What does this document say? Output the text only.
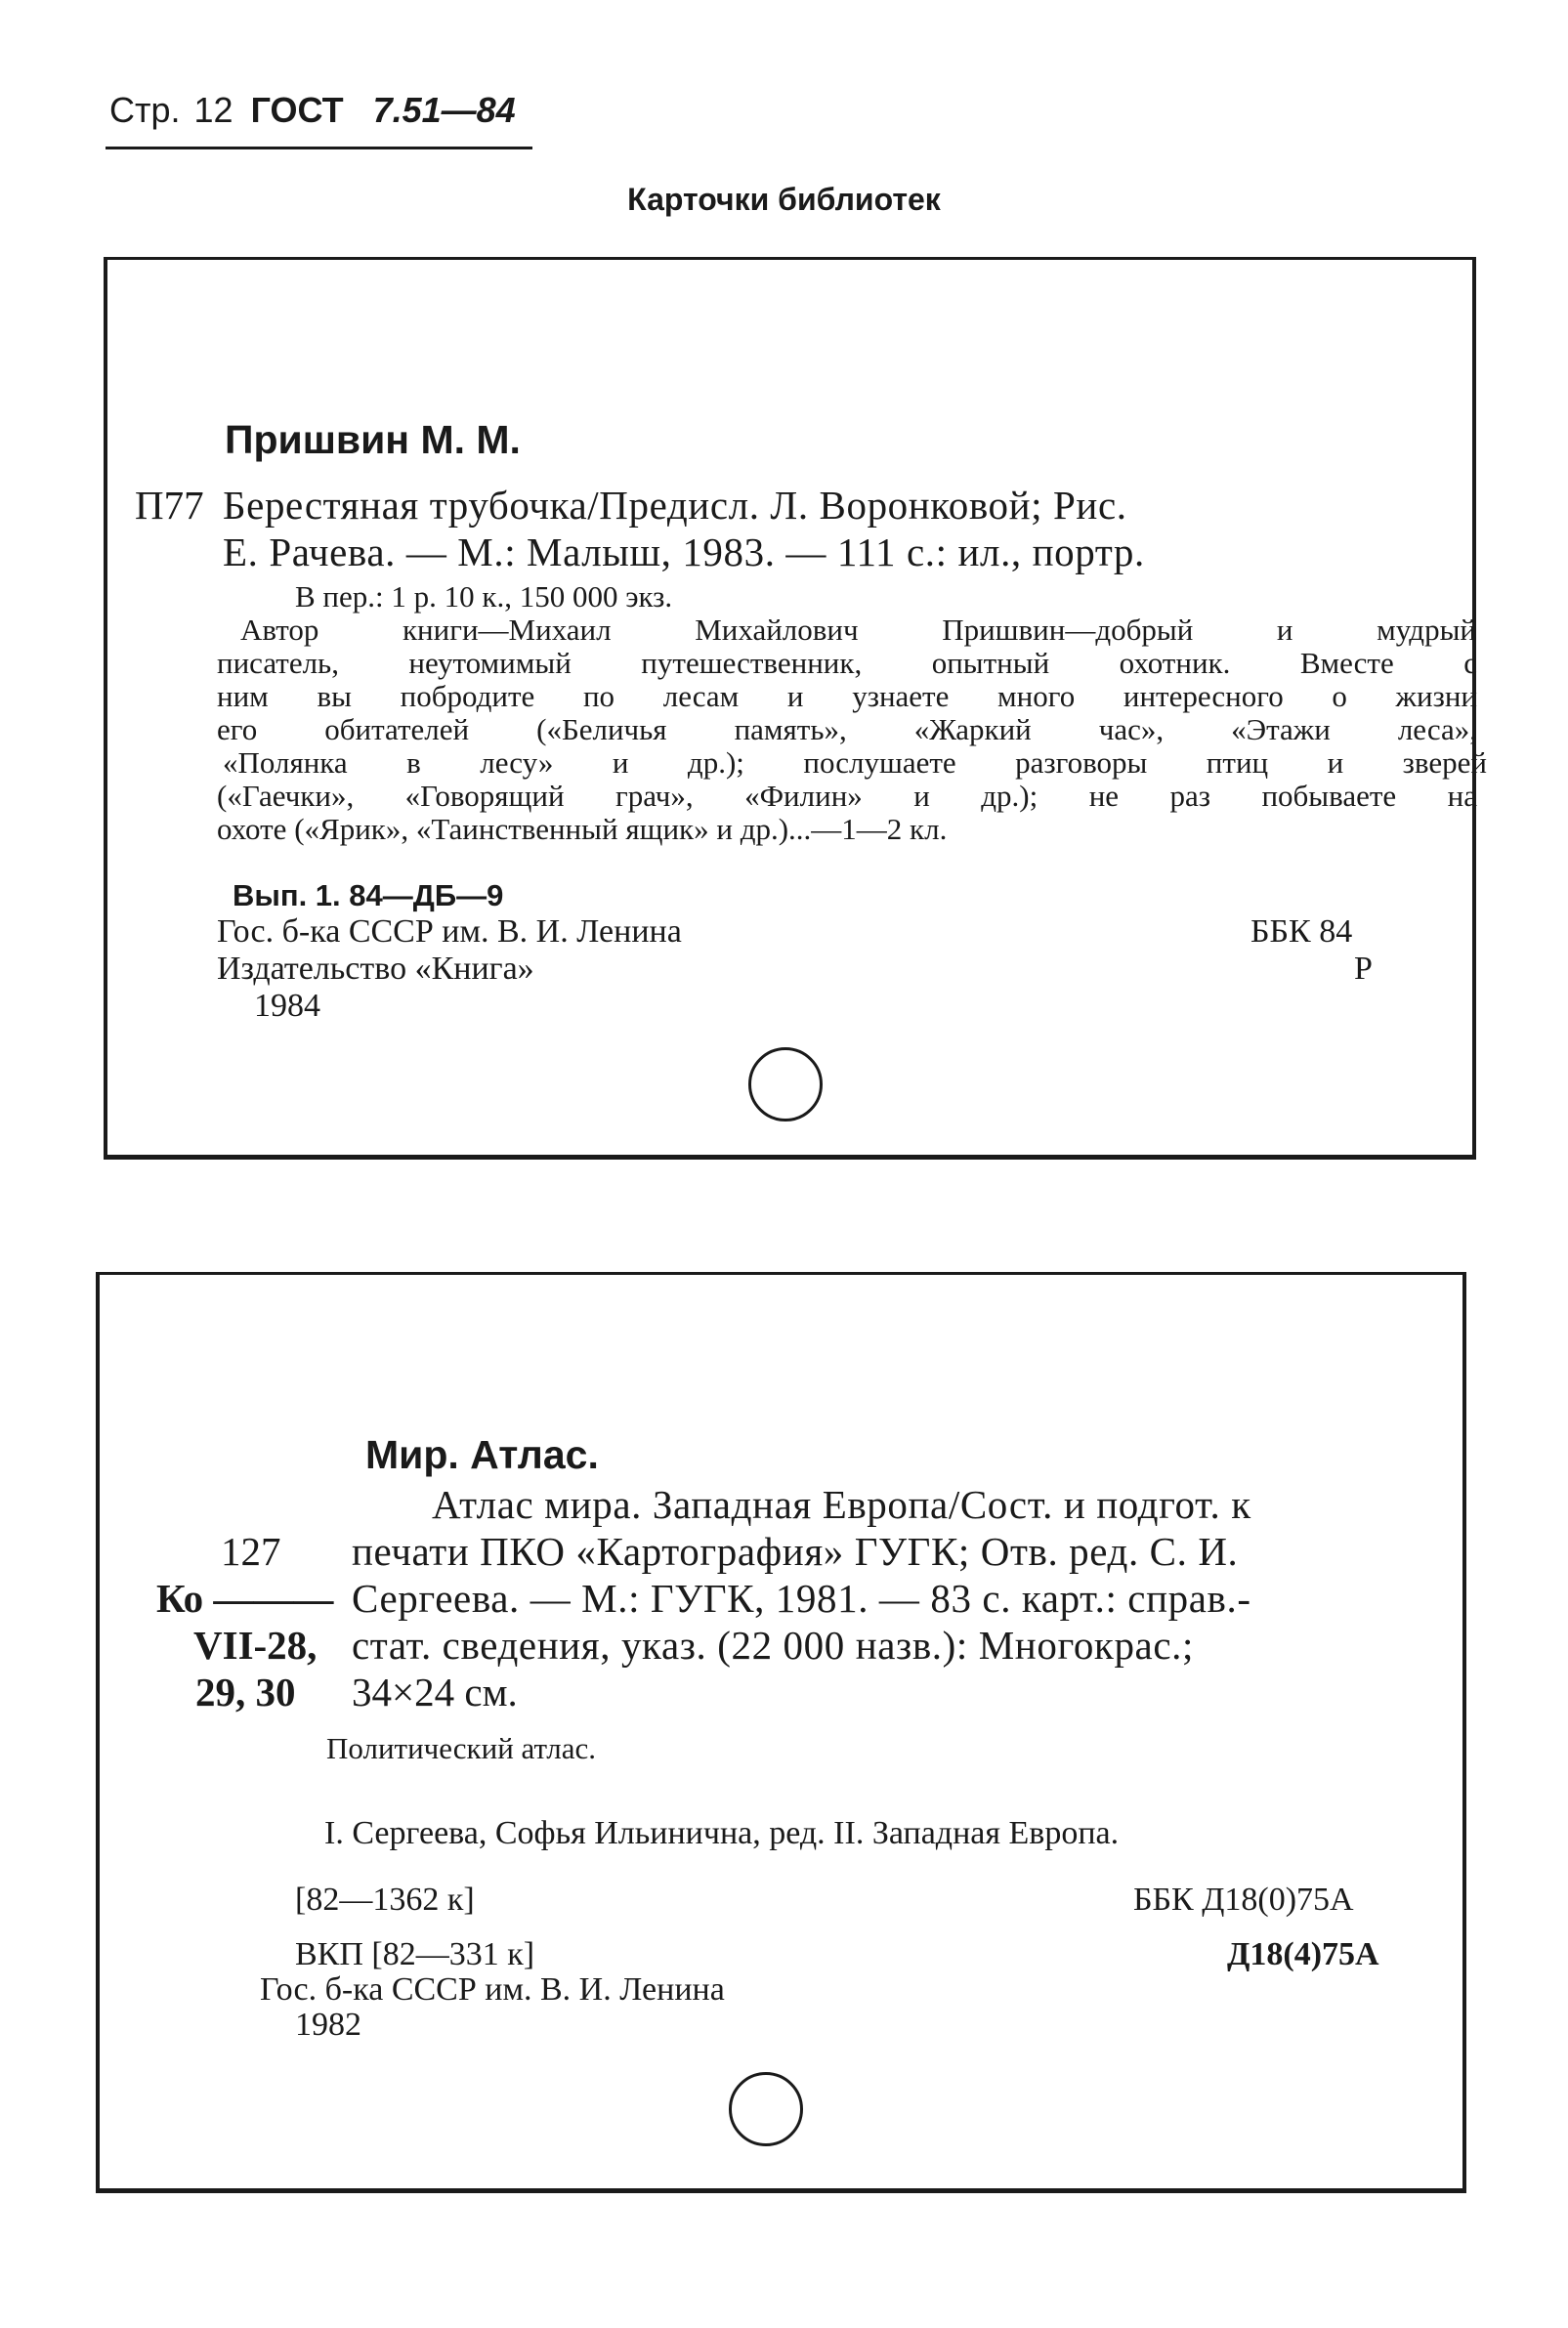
Стр. 12 ГОСТ 7.51—84
Карточки библиотек
Пришвин М. М.
П77 Берестяная трубочка/Предисл. Л. Воронковой; Рис.
Е. Рачева. — М.: Малыш, 1983. — 111 с.: ил., портр.
В пер.: 1 р. 10 к., 150 000 экз.
Автор книги—Михаил Михайлович Пришвин—добрый и мудрый
писатель, неутомимый путешественник, опытный охотник. Вместе с
ним вы побродите по лесам и узнаете много интересного о жизни
его обитателей («Беличья память», «Жаркий час», «Этажи леса»,
«Полянка в лесу» и др.); послушаете разговоры птиц и зверей
(«Гаечки», «Говорящий грач», «Филин» и др.); не раз побываете на
охоте («Ярик», «Таинственный ящик» и др.)...—1—2 кл.
Вып. 1. 84—ДБ—9
Гос. б-ка СССР им. В. И. Ленина
Издательство «Книга»
1984
ББК 84
Р
Мир. Атлас.
Атлас мира. Западная Европа/Сост. и подгот. к
печати ПКО «Картография» ГУГК; Отв. ред. С. И.
Сергеева. — М.: ГУГК, 1981. — 83 с. карт.: справ.-
стат. сведения, указ. (22 000 назв.): Многокрас.;
34×24 см.
127
Ко ———
VII-28,
29, 30
Политический атлас.
I. Сергеева, Софья Ильинична, ред. II. Западная Европа.
[82—1362 к]
ВКП [82—331 к]
Гос. б-ка СССР им. В. И. Ленина
1982
ББК Д18(0)75А
Д18(4)75А
